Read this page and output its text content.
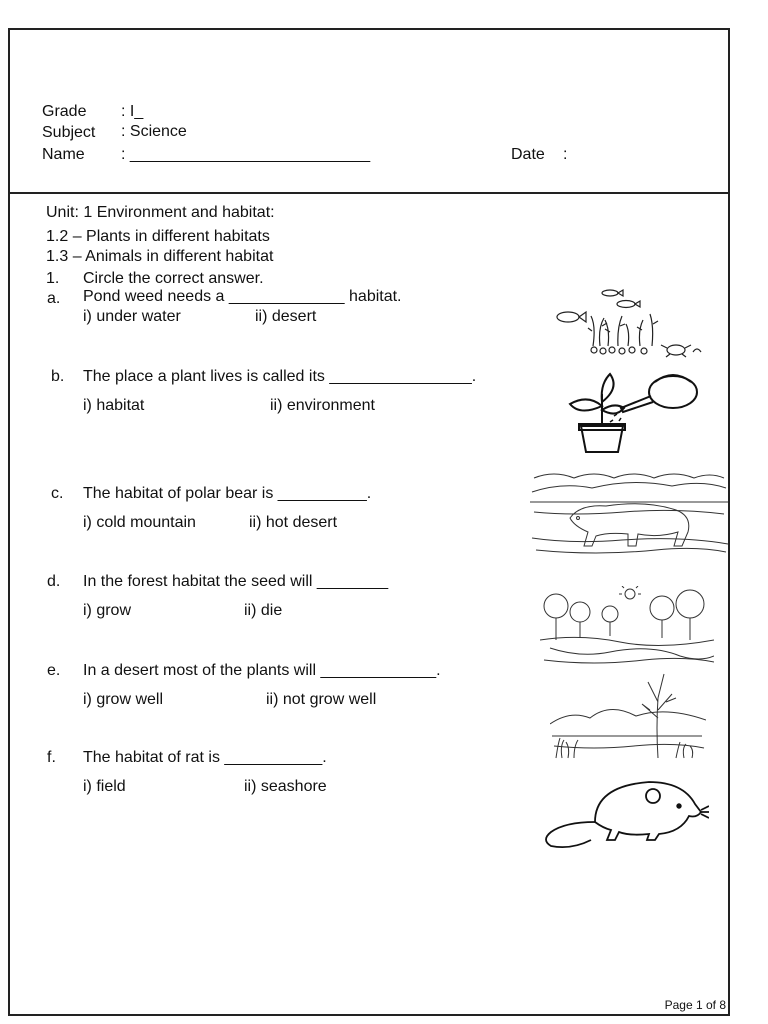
Grade : I_
Subject : Science
Name : ___________________________	Date :
Unit: 1 Environment and habitat:
1.2 – Plants in different habitats
1.3 – Animals in different habitat
1. Circle the correct answer.
a. Pond weed needs a _____________ habitat.
i) under water	ii) desert
b. The place a plant lives is called its ________________.
i) habitat	ii) environment
c. The habitat of polar bear is __________.
i) cold mountain	ii) hot desert
d. In the forest habitat the seed will ________
i) grow	ii) die
e. In a desert most of the plants will _____________.
i) grow well	ii) not grow well
f. The habitat of rat is ___________.
i) field	ii) seashore
Page 1 of 8
